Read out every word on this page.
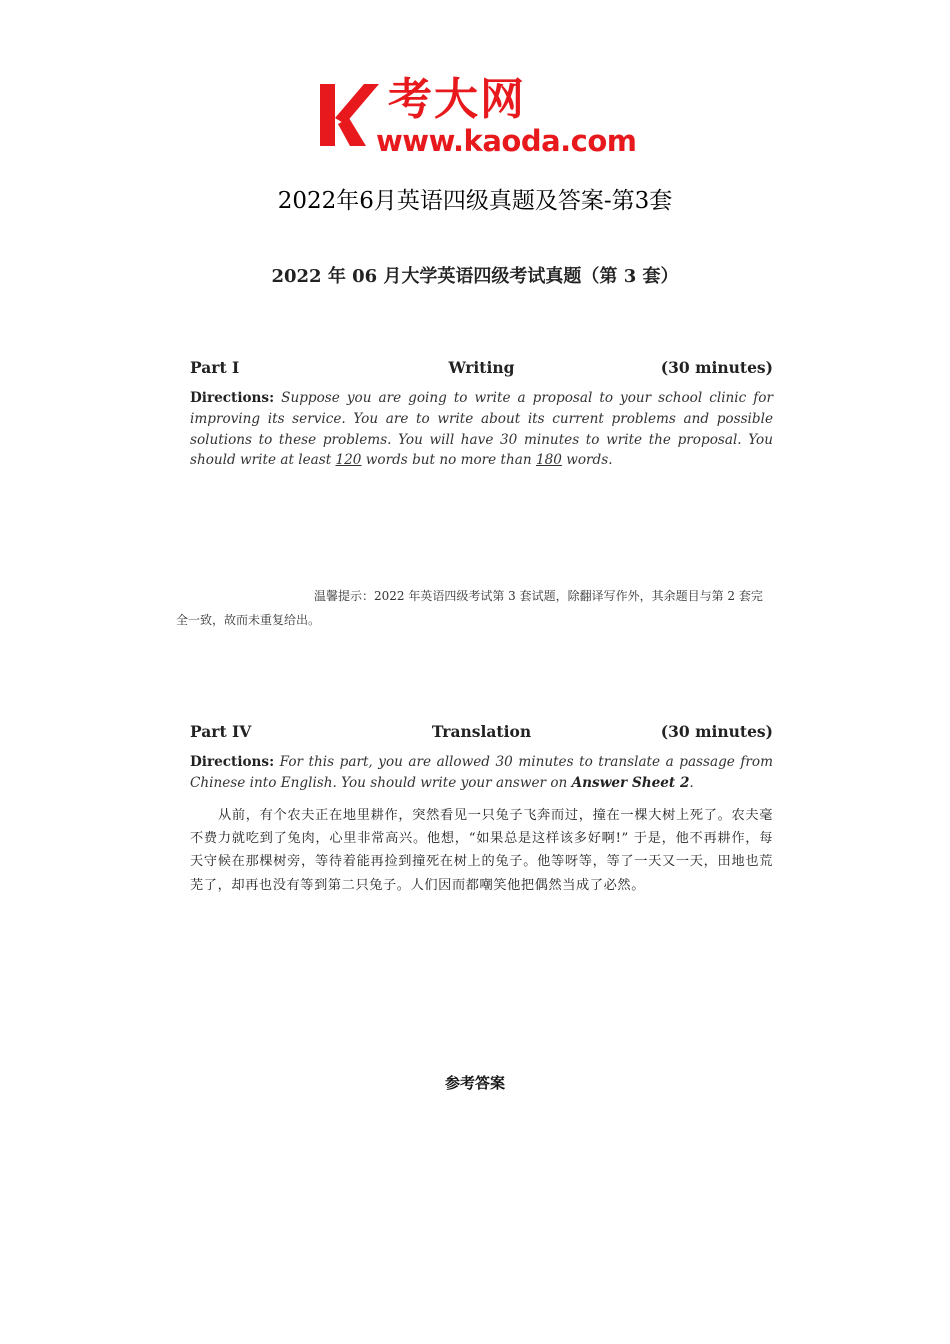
考大网
www.kaoda.com
2022年6月英语四级真题及答案-第3套
2022 年 06 月大学英语四级考试真题（第 3 套）
Part I	Writing	(30 minutes)
Directions: Suppose you are going to write a proposal to your school clinic for improving its service. You are to write about its current problems and possible solutions to these problems. You will have 30 minutes to write the proposal. You should write at least 120 words but no more than 180 words.
温馨提示：2022 年英语四级考试第 3 套试题，除翻译写作外，其余题目与第 2 套完全一致，故而未重复给出。
Part IV	Translation	(30 minutes)
Directions: For this part, you are allowed 30 minutes to translate a passage from Chinese into English. You should write your answer on Answer Sheet 2.
从前，有个农夫正在地里耕作，突然看见一只兔子飞奔而过，撞在一棵大树上死了。农夫毫不费力就吃到了兔肉，心里非常高兴。他想，“如果总是这样该多好啊!” 于是，他不再耕作，每天守候在那棵树旁，等待着能再捡到撞死在树上的兔子。他等呀等，等了一天又一天，田地也荒芜了，却再也没有等到第二只兔子。人们因而都嘲笑他把偶然当成了必然。
参考答案
